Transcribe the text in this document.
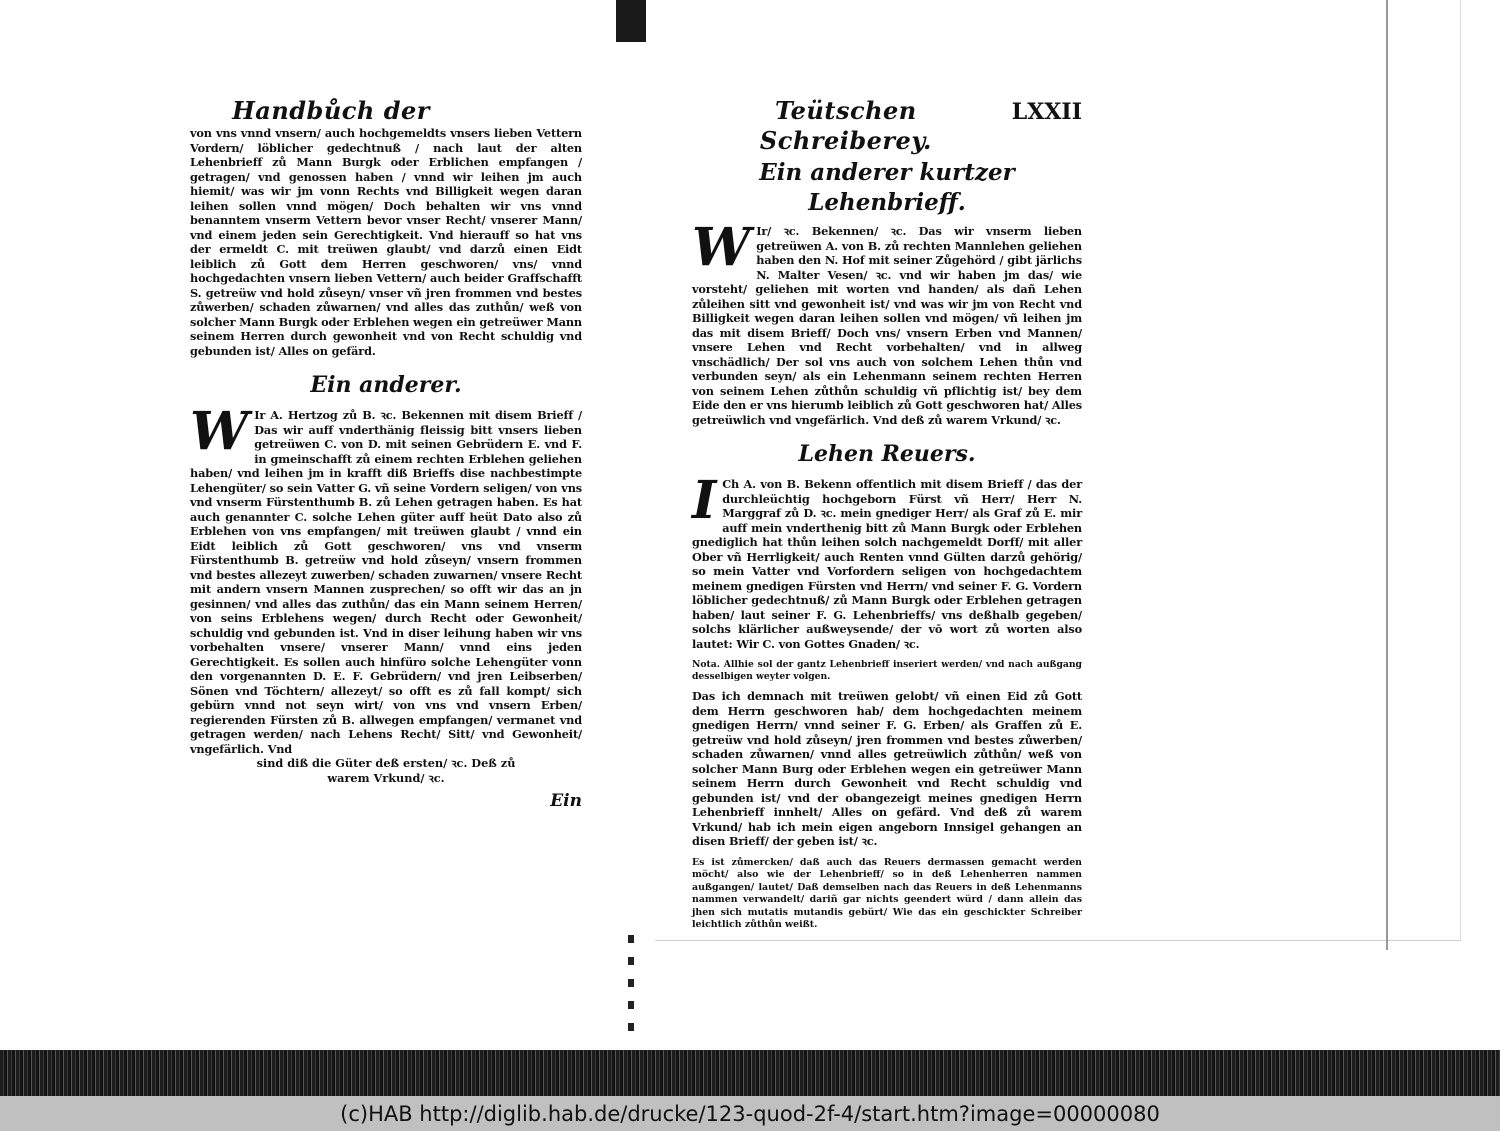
Handbůch der

von vns vnnd vnsern/ auch hochgemeldts vnsers lieben Vettern Vordern/ löblicher gedechtnuß / nach laut der alten Lehenbrieff zů Mann Burgk oder Erblichen empfangen / getragen/ vnd genossen haben / vnnd wir leihen jm auch hiemit/ was wir jm vonn Rechts vnd Billigkeit wegen daran leihen sollen vnnd mögen/ Doch behalten wir vns vnnd benanntem vnserm Vettern bevor vnser Recht/ vnserer Mann/ vnd einem jeden sein Gerechtigkeit. Vnd hierauff so hat vns der ermeldt C. mit treüwen glaubt/ vnd darzů einen Eidt leiblich zů Gott dem Herren geschworen/ vns/ vnnd hochgedachten vnsern lieben Vettern/ auch beider Graffschafft S. getreüw vnd hold zůseyn/ vnser vñ jren frommen vnd bestes zůwerben/ schaden zůwarnen/ vnd alles das zuthůn/ weß von solcher Mann Burgk oder Erblehen wegen ein getreüwer Mann seinem Herren durch gewonheit vnd von Recht schuldig vnd gebunden ist/ Alles on gefärd.

Ein anderer.

W Ir A. Hertzog zů B. ꝛc. Bekennen mit disem Brieff / Das wir auff vnderthänig fleissig bitt vnsers lieben getreüwen C. von D. mit seinen Gebrüdern E. vnd F. in gmeinschafft zů einem rechten Erblehen geliehen haben/ vnd leihen jm in krafft diß Brieffs dise nachbestimpte Lehengüter/ so sein Vatter G. vñ seine Vordern seligen/ von vns vnd vnserm Fürstenthumb B. zů Lehen getragen haben. Es hat auch genannter C. solche Lehen güter auff heüt Dato also zů Erblehen von vns empfangen/ mit treüwen glaubt / vnnd ein Eidt leiblich zů Gott geschworen/ vns vnd vnserm Fürstenthumb B. getreüw vnd hold zůseyn/ vnsern frommen vnd bestes allezeyt zuwerben/ schaden zuwarnen/ vnsere Recht mit andern vnsern Mannen zusprechen/ so offt wir das an jn gesinnen/ vnd alles das zuthůn/ das ein Mann seinem Herren/ von seins Erblehens wegen/ durch Recht oder Gewonheit/ schuldig vnd gebunden ist. Vnd in diser leihung haben wir vns vorbehalten vnsere/ vnserer Mann/ vnnd eins jeden Gerechtigkeit. Es sollen auch hinfüro solche Lehengüter vonn den vorgenannten D. E. F. Gebrüdern/ vnd jren Leibserben/ Sönen vnd Töchtern/ allezeyt/ so offt es zů fall kompt/ sich gebürn vnnd not seyn wirt/ von vns vnd vnsern Erben/ regierenden Fürsten zů B. allwegen empfangen/ vermanet vnd getragen werden/ nach Lehens Recht/ Sitt/ vnd Gewonheit/ vngefärlich. Vnd

sind diß die Güter deß ersten/ ꝛc. Deß zů

warem Vrkund/ ꝛc.

Ein
Teütschen Schreiberey.
LXXII
Ein anderer kurtzer Lehenbrieff.

W Ir/ ꝛc. Bekennen/ ꝛc. Das wir vnserm lieben getreüwen A. von B. zů rechten Mannlehen geliehen haben den N. Hof mit seiner Zůgehörd / gibt järlichs N. Malter Vesen/ ꝛc. vnd wir haben jm das/ wie vorsteht/ geliehen mit worten vnd handen/ als dañ Lehen zůleihen sitt vnd gewonheit ist/ vnd was wir jm von Recht vnd Billigkeit wegen daran leihen sollen vnd mögen/ vñ leihen jm das mit disem Brieff/ Doch vns/ vnsern Erben vnd Mannen/ vnsere Lehen vnd Recht vorbehalten/ vnd in allweg vnschädlich/ Der sol vns auch von solchem Lehen thůn vnd verbunden seyn/ als ein Lehenmann seinem rechten Herren von seinem Lehen zůthůn schuldig vñ pflichtig ist/ bey dem Eide den er vns hierumb leiblich zů Gott geschworen hat/ Alles getreüwlich vnd vngefärlich. Vnd deß zů warem Vrkund/ ꝛc.

Lehen Reuers.

I Ch A. von B. Bekenn offentlich mit disem Brieff / das der durchleüchtig hochgeborn Fürst vñ Herr/ Herr N. Marggraf zů D. ꝛc. mein gnediger Herr/ als Graf zů E. mir auff mein vnderthenig bitt zů Mann Burgk oder Erblehen gnediglich hat thůn leihen solch nachgemeldt Dorff/ mit aller Ober vñ Herrligkeit/ auch Renten vnnd Gülten darzů gehörig/ so mein Vatter vnd Vorfordern seligen von hochgedachtem meinem gnedigen Fürsten vnd Herrn/ vnd seiner F. G. Vordern löblicher gedechtnuß/ zů Mann Burgk oder Erblehen getragen haben/ laut seiner F. G. Lehenbrieffs/ vns deßhalb gegeben/ solchs klärlicher außweysende/ der vō wort zů worten also lautet: Wir C. von Gottes Gnaden/ ꝛc.

Nota. Allhie sol der gantz Lehenbrieff inseriert werden/ vnd nach außgang desselbigen weyter volgen.

Das ich demnach mit treüwen gelobt/ vñ einen Eid zů Gott dem Herrn geschworen hab/ dem hochgedachten meinem gnedigen Herrn/ vnnd seiner F. G. Erben/ als Graffen zů E. getreüw vnd hold zůseyn/ jren frommen vnd bestes zůwerben/ schaden zůwarnen/ vnnd alles getreüwlich zůthůn/ weß von solcher Mann Burg oder Erblehen wegen ein getreüwer Mann seinem Herrn durch Gewonheit vnd Recht schuldig vnd gebunden ist/ vnd der obangezeigt meines gnedigen Herrn Lehenbrieff innhelt/ Alles on gefärd. Vnd deß zů warem Vrkund/ hab ich mein eigen angeborn Innsigel gehangen an disen Brieff/ der geben ist/ ꝛc.

Es ist zůmercken/ daß auch das Reuers dermassen gemacht werden möcht/ also wie der Lehenbrieff/ so in deß Lehenherren nammen außgangen/ lautet/ Daß demselben nach das Reuers in deß Lehenmanns nammen verwandelt/ dariñ gar nichts geendert würd / dann allein das jhen sich mutatis mutandis gebürt/ Wie das ein geschickter Schreiber leichtlich zůthůn weißt.

(c)HAB http://diglib.hab.de/drucke/123-quod-2f-4/start.htm?image=00000080
